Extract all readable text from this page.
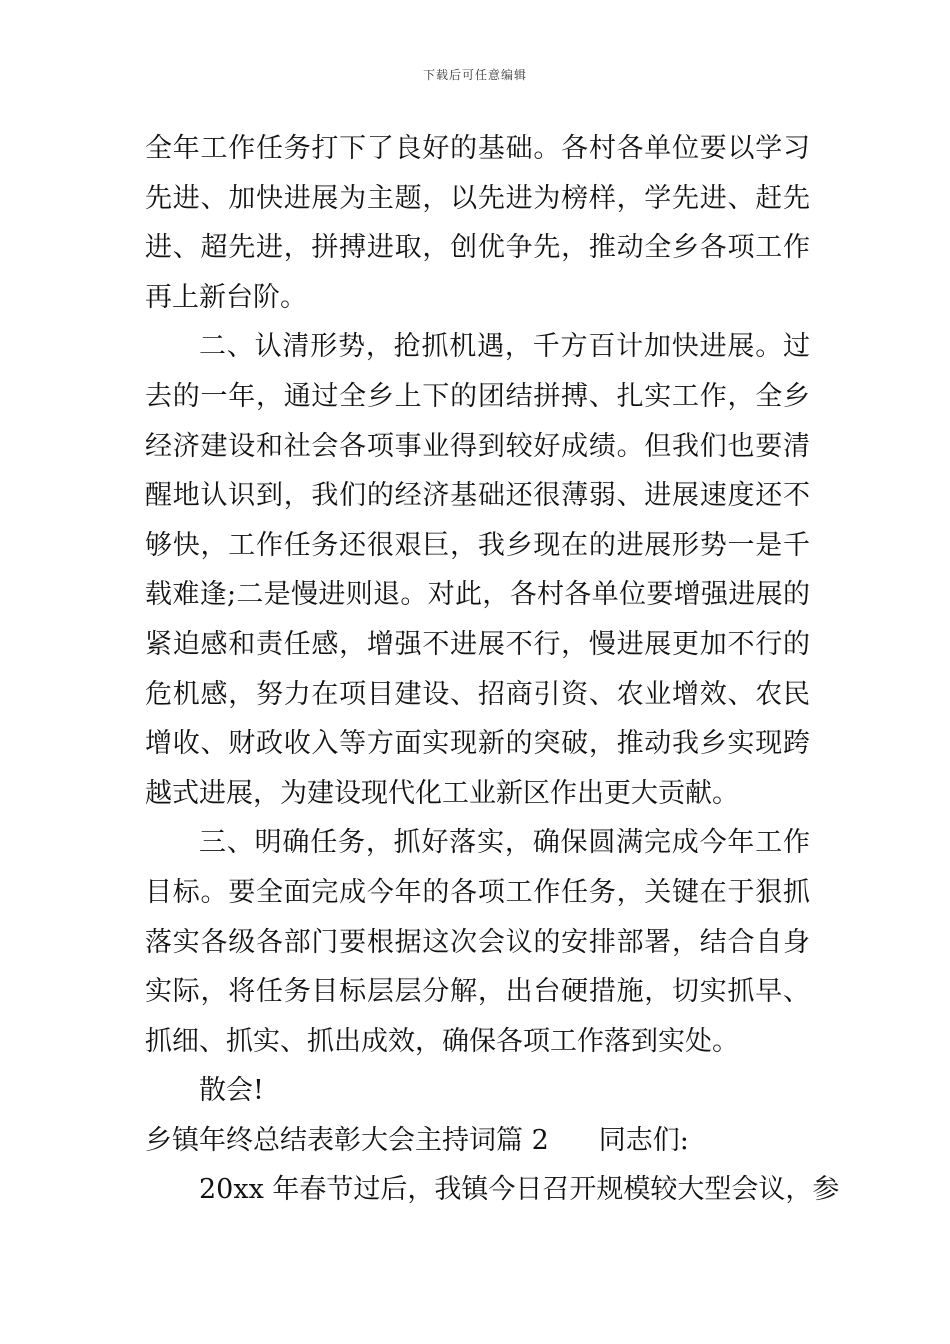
下载后可任意编辑

全年工作任务打下了良好的基础。各村各单位要以学习先进、加快进展为主题，以先进为榜样，学先进、赶先进、超先进，拼搏进取，创优争先，推动全乡各项工作再上新台阶。

二、认清形势，抢抓机遇，千方百计加快进展。过去的一年，通过全乡上下的团结拼搏、扎实工作，全乡经济建设和社会各项事业得到较好成绩。但我们也要清醒地认识到，我们的经济基础还很薄弱、进展速度还不够快，工作任务还很艰巨，我乡现在的进展形势一是千载难逢;二是慢进则退。对此，各村各单位要增强进展的紧迫感和责任感，增强不进展不行，慢进展更加不行的危机感，努力在项目建设、招商引资、农业增效、农民增收、财政收入等方面实现新的突破，推动我乡实现跨越式进展，为建设现代化工业新区作出更大贡献。

三、明确任务，抓好落实，确保圆满完成今年工作目标。要全面完成今年的各项工作任务，关键在于狠抓落实各级各部门要根据这次会议的安排部署，结合自身实际，将任务目标层层分解，出台硬措施，切实抓早、抓细、抓实、抓出成效，确保各项工作落到实处。

散会!

乡镇年终总结表彰大会主持词篇 2 同志们:

20xx 年春节过后，我镇今日召开规模较大型会议，参
